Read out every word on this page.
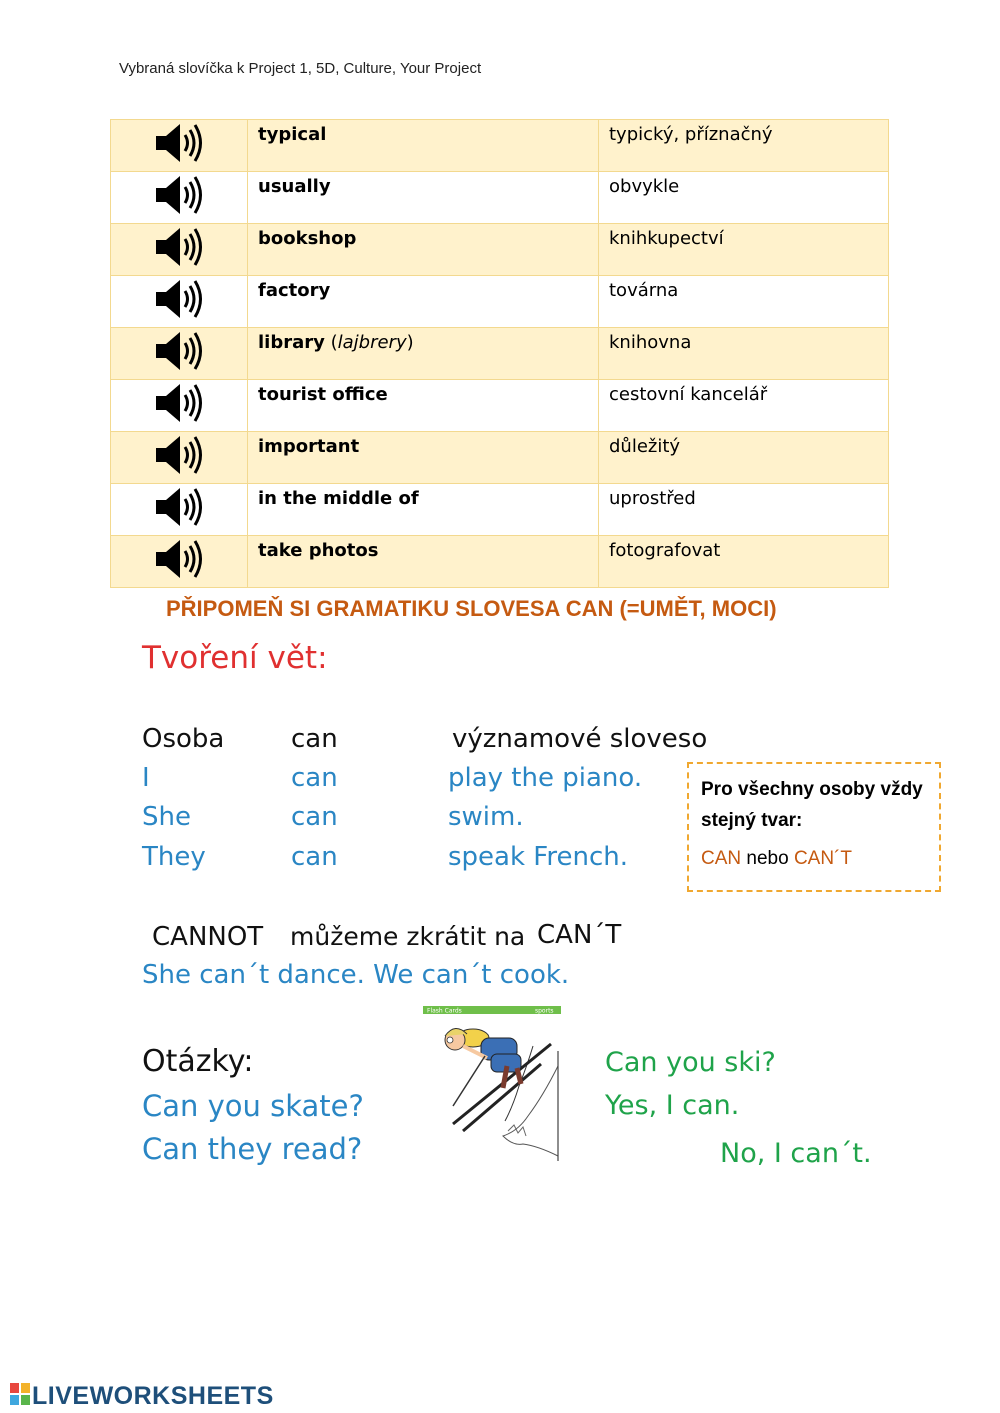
Vybraná slovíčka k Project 1, 5D, Culture, Your Project
	typical	typický, příznačný
	usually	obvykle
	bookshop	knihkupectví
	factory	továrna
	library (lajbrery)	knihovna
	tourist office	cestovní kancelář
	important	důležitý
	in the middle of	uprostřed
	take photos	fotografovat
PŘIPOMEŇ SI GRAMATIKU SLOVESA CAN (=UMĚT, MOCI)
Tvoření vět:
Osoba	can	významové sloveso
I	can	play the piano.
She	can	swim.
They	can	speak French.
Pro všechny osoby vždy stejný tvar:
CAN nebo CAN´T
CANNOT můžeme zkrátit na CAN´T
She can´t dance. We can´t cook.
Otázky:
Can you skate?
Can they read?
Can you ski?
Yes, I can.
No, I can´t.
Flash Cards	sports
LIVEWORKSHEETS
